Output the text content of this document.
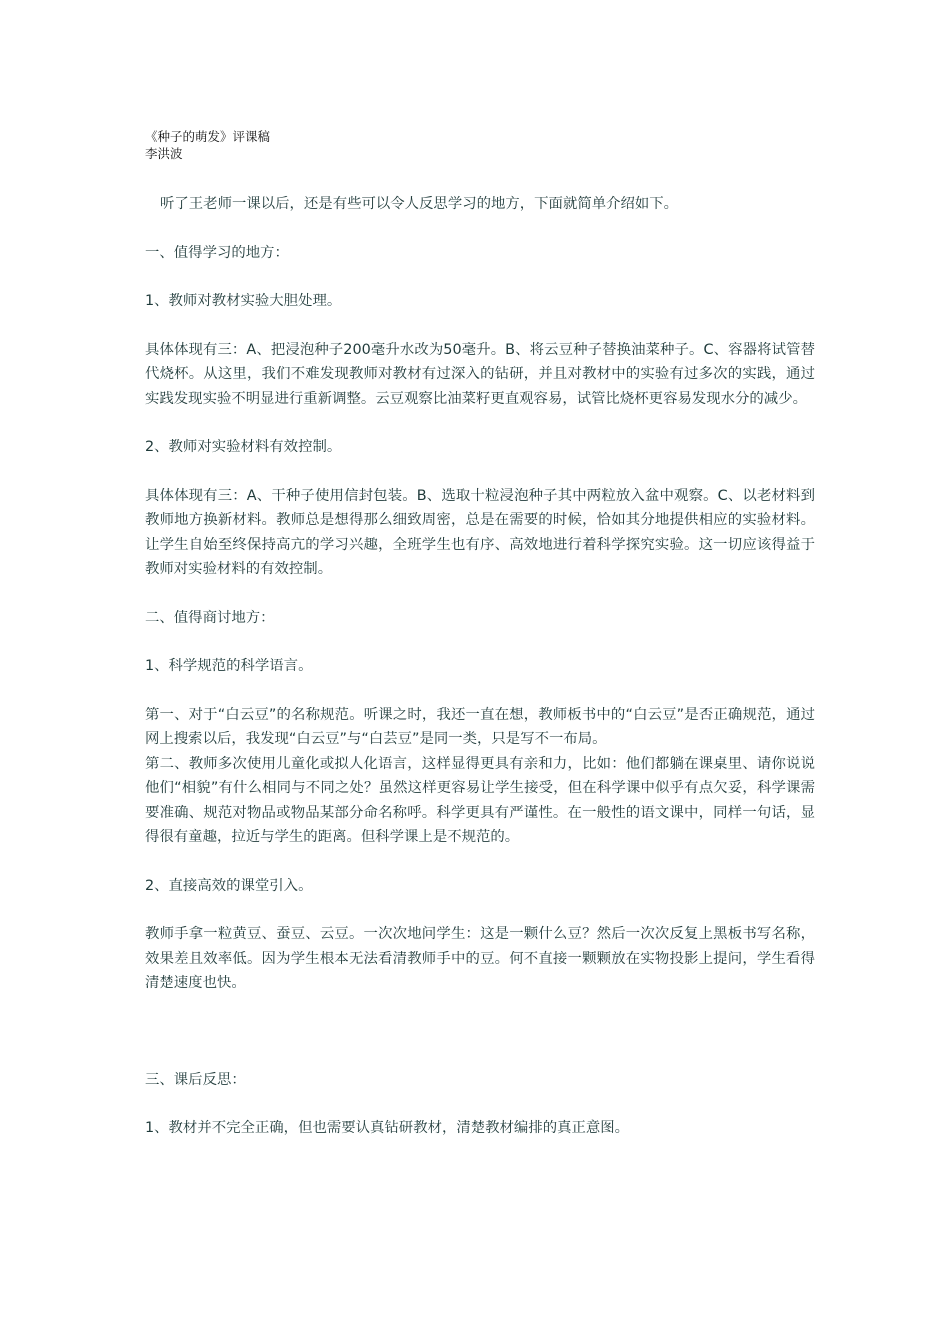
《种子的萌发》评课稿

李洪波

听了王老师一课以后，还是有些可以令人反思学习的地方，下面就简单介绍如下。

一、值得学习的地方：

1、教师对教材实验大胆处理。

具体体现有三：A、把浸泡种子200毫升水改为50毫升。B、将云豆种子替换油菜种子。C、容器将试管替代烧杯。从这里，我们不难发现教师对教材有过深入的钻研，并且对教材中的实验有过多次的实践，通过实践发现实验不明显进行重新调整。云豆观察比油菜籽更直观容易，试管比烧杯更容易发现水分的减少。

2、教师对实验材料有效控制。

具体体现有三：A、干种子使用信封包装。B、选取十粒浸泡种子其中两粒放入盆中观察。C、以老材料到教师地方换新材料。教师总是想得那么细致周密，总是在需要的时候，恰如其分地提供相应的实验材料。让学生自始至终保持高亢的学习兴趣，全班学生也有序、高效地进行着科学探究实验。这一切应该得益于教师对实验材料的有效控制。

二、值得商讨地方：

1、科学规范的科学语言。

第一、对于“白云豆”的名称规范。听课之时，我还一直在想，教师板书中的“白云豆”是否正确规范，通过网上搜索以后，我发现“白云豆”与“白芸豆”是同一类，只是写不一布局。

第二、教师多次使用儿童化或拟人化语言，这样显得更具有亲和力，比如：他们都躺在课桌里、请你说说他们“相貌”有什么相同与不同之处？虽然这样更容易让学生接受，但在科学课中似乎有点欠妥，科学课需要准确、规范对物品或物品某部分命名称呼。科学更具有严谨性。在一般性的语文课中，同样一句话，显得很有童趣，拉近与学生的距离。但科学课上是不规范的。

2、直接高效的课堂引入。

教师手拿一粒黄豆、蚕豆、云豆。一次次地问学生：这是一颗什么豆？然后一次次反复上黑板书写名称，效果差且效率低。因为学生根本无法看清教师手中的豆。何不直接一颗颗放在实物投影上提问，学生看得清楚速度也快。

三、课后反思：

1、教材并不完全正确，但也需要认真钻研教材，清楚教材编排的真正意图。
